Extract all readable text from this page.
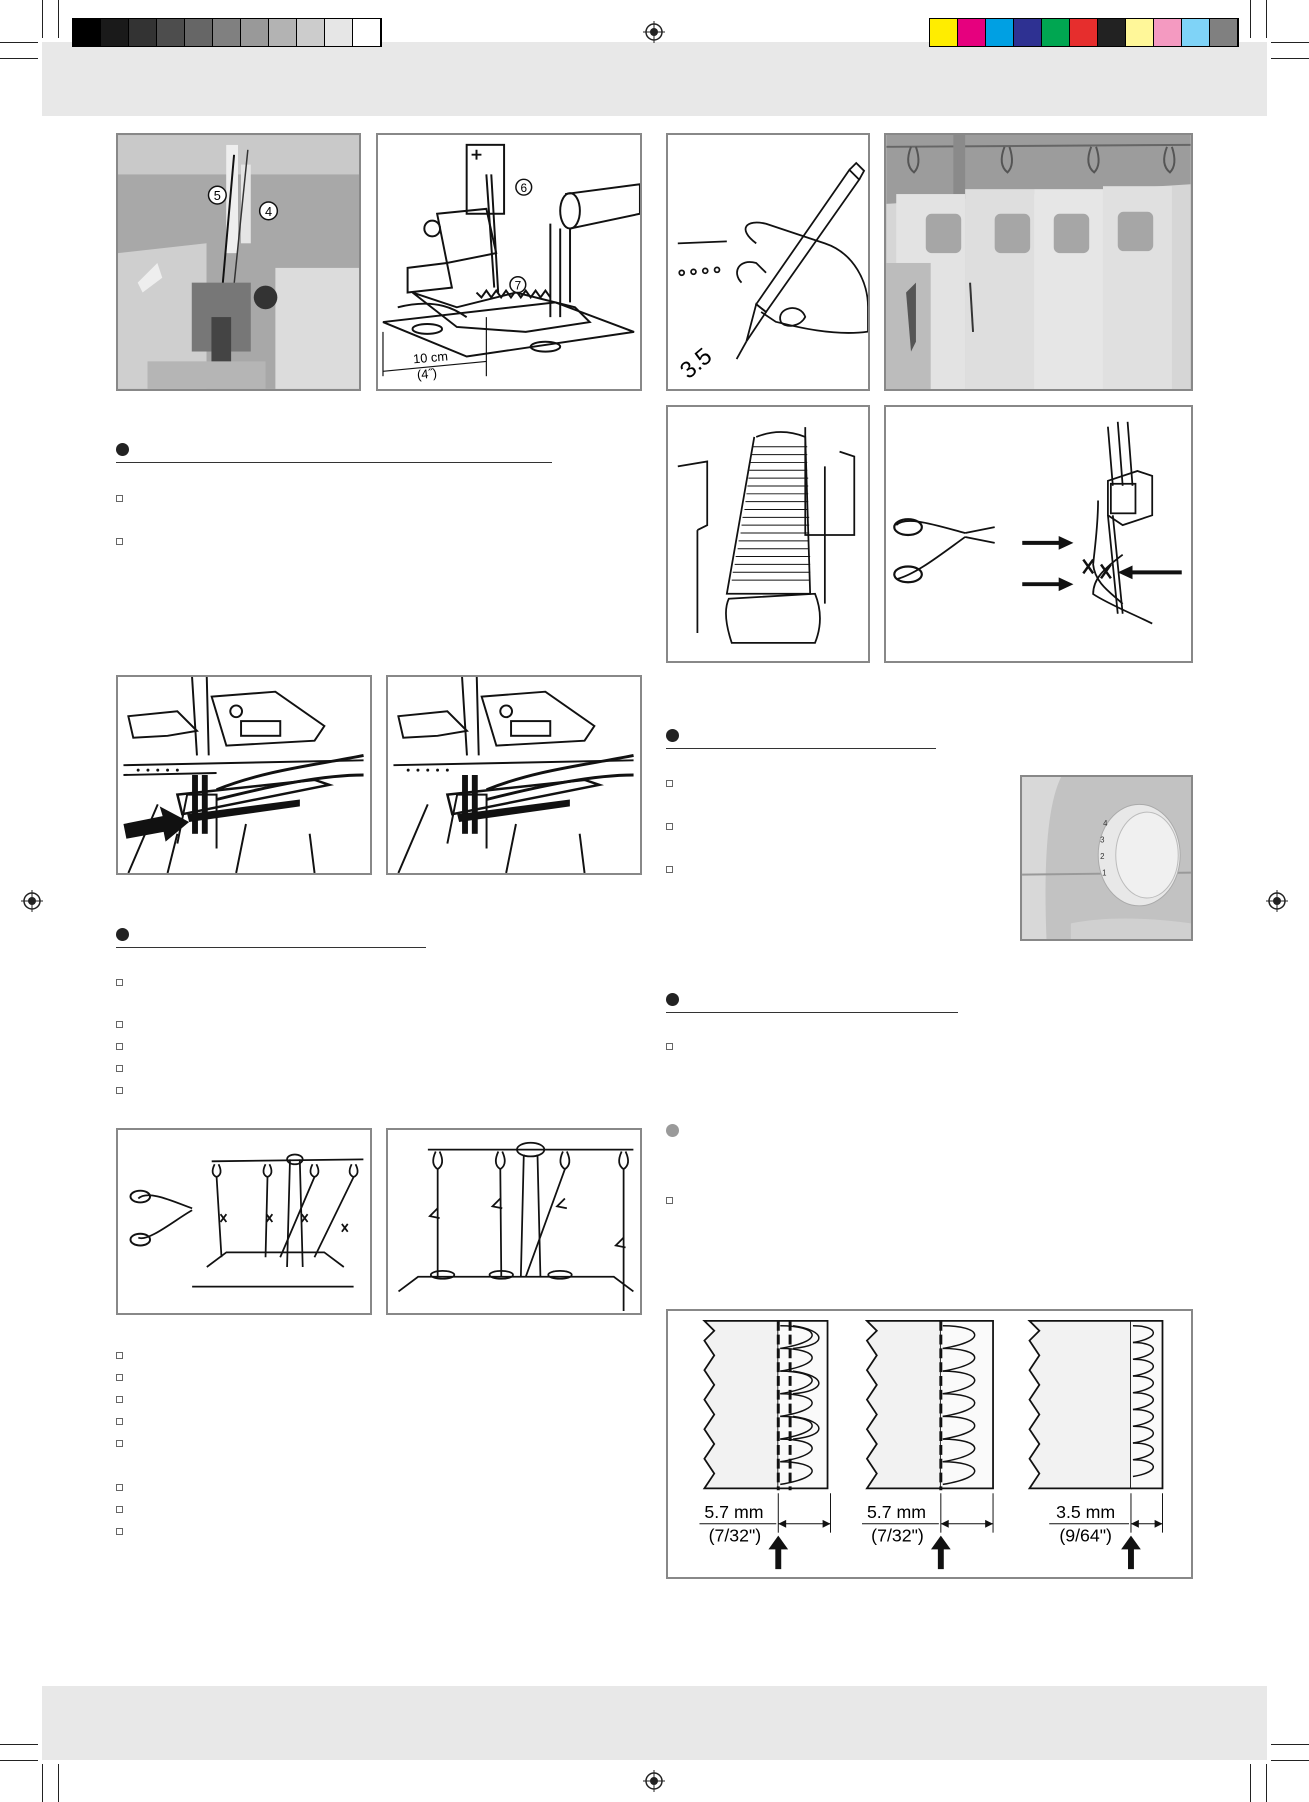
5
4
6
7
10 cm
(4˝)	3.5
4
3
2
1
5.7 mm
(7/32")
5.7 mm
(7/32")
3.5 mm
(9/64")
